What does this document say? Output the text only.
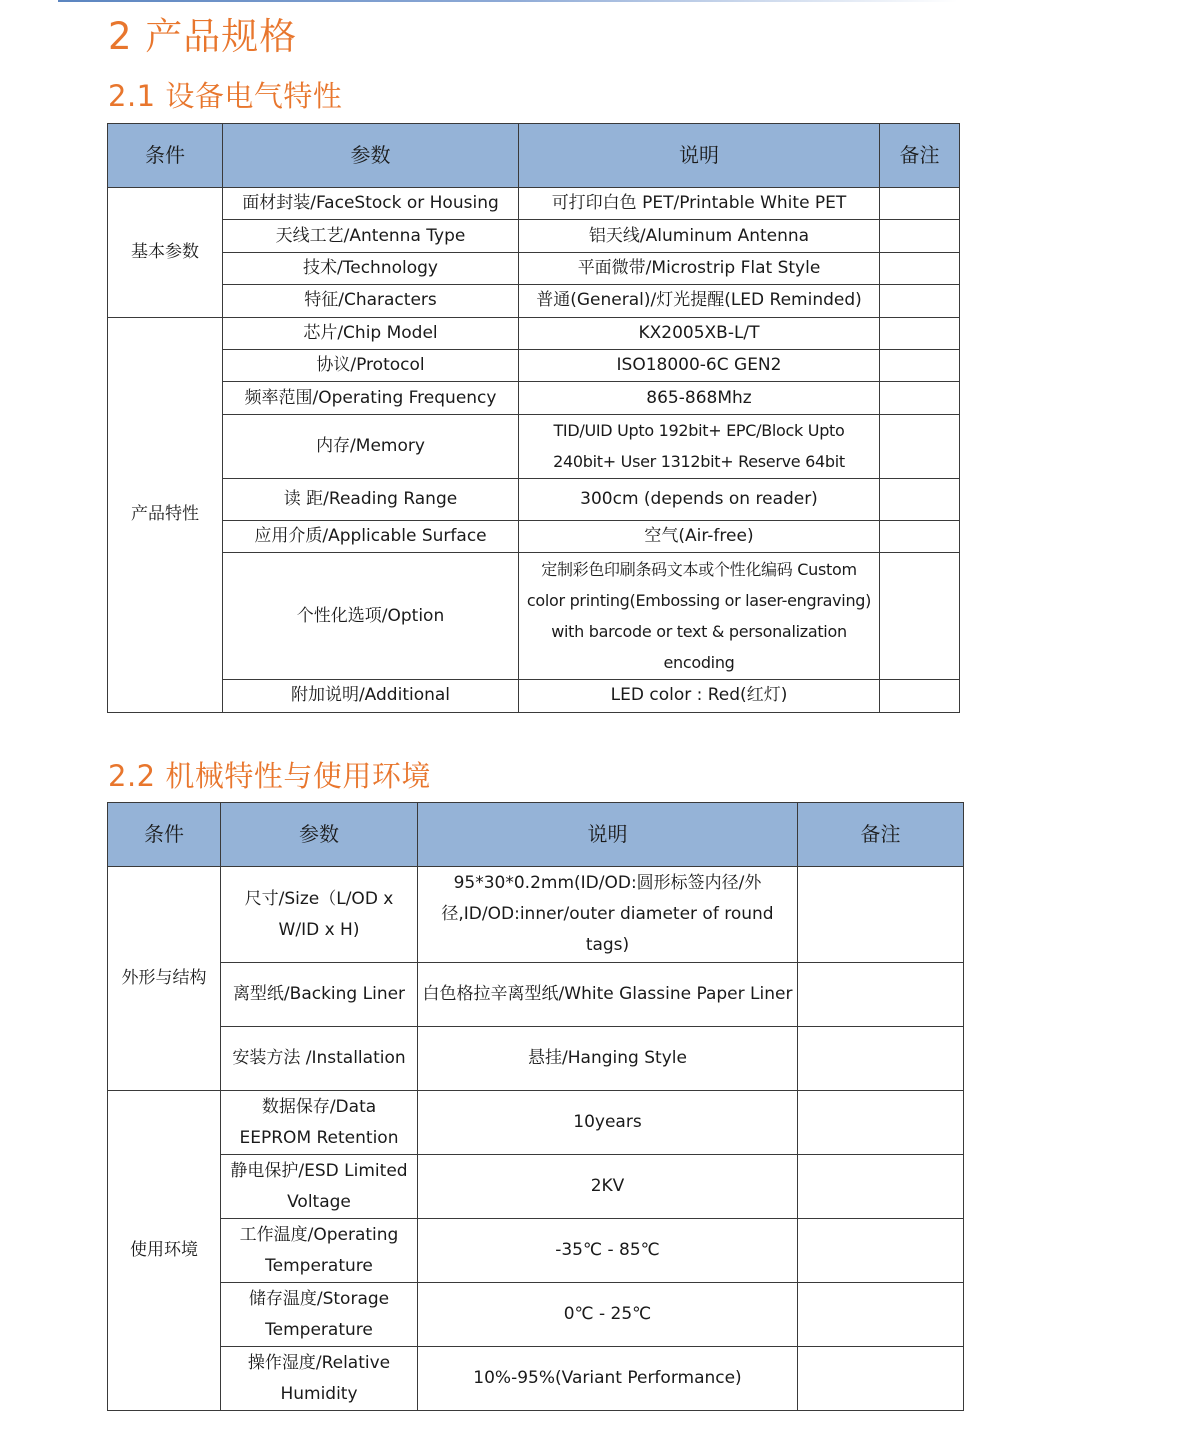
2 产品规格
2.1 设备电气特性
条件	参数	说明	备注
基本参数	面材封装/FaceStock or Housing	可打印白色 PET/Printable White PET	
	天线工艺/Antenna Type	铝天线/Aluminum Antenna	
	技术/Technology	平面微带/Microstrip Flat Style	
	特征/Characters	普通(General)/灯光提醒(LED Reminded)	
产品特性	芯片/Chip Model	KX2005XB-L/T	
	协议/Protocol	ISO18000-6C GEN2	
	频率范围/Operating Frequency	865-868Mhz	
	内存/Memory	TID/UID Upto 192bit+ EPC/Block Upto 240bit+ User 1312bit+ Reserve 64bit	
	读 距/Reading Range	300cm (depends on reader)	
	应用介质/Applicable Surface	空气(Air-free)	
	个性化选项/Option	定制彩色印刷条码文本或个性化编码 Custom color printing(Embossing or laser-engraving) with barcode or text & personalization encoding	
	附加说明/Additional	LED color : Red(红灯)	
2.2 机械特性与使用环境
条件	参数	说明	备注
外形与结构	尺寸/Size（L/OD x W/ID x H)	95*30*0.2mm(ID/OD:圆形标签内径/外径,ID/OD:inner/outer diameter of round tags)	
	离型纸/Backing Liner	白色格拉辛离型纸/White Glassine Paper Liner	
	安装方法 /Installation	悬挂/Hanging Style	
使用环境	数据保存/Data EEPROM Retention	10years	
	静电保护/ESD Limited Voltage	2KV	
	工作温度/Operating Temperature	-35℃ - 85℃	
	储存温度/Storage Temperature	0℃ - 25℃	
	操作湿度/Relative Humidity	10%-95%(Variant Performance)	
